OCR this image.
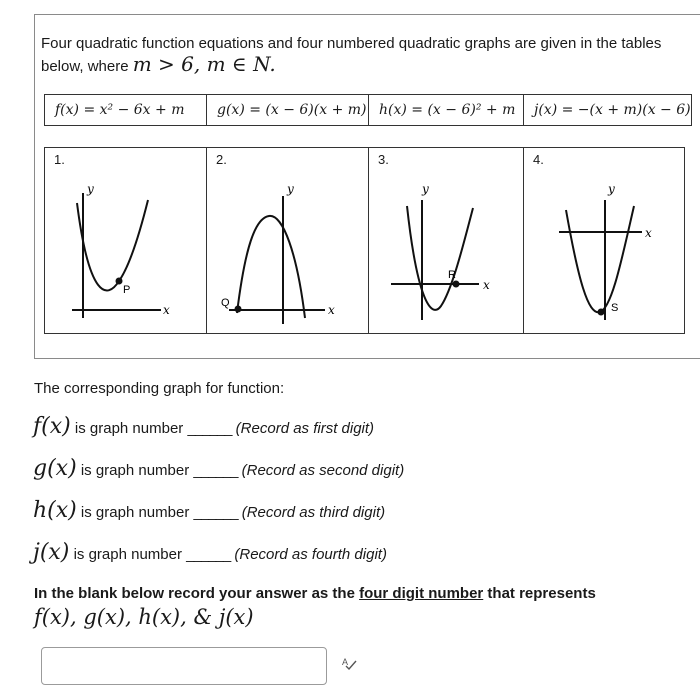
Four quadratic function equations and four numbered quadratic graphs are given in the tables below, where m > 6, m ∈ N.
f(x) = x² − 6x + m	g(x) = (x − 6)(x + m)	h(x) = (x − 6)² + m	j(x) = −(x + m)(x − 6)
1.
y
x
P

2.
y
x
Q

3.
y
x
R

4.
y
x
S
The corresponding graph for function:
f(x) is graph number ______ (Record as first digit)
g(x) is graph number ______ (Record as second digit)
h(x) is graph number ______ (Record as third digit)
j(x) is graph number ______ (Record as fourth digit)
In the blank below record your answer as the four digit number that represents
f(x), g(x), h(x), & j(x)
A
